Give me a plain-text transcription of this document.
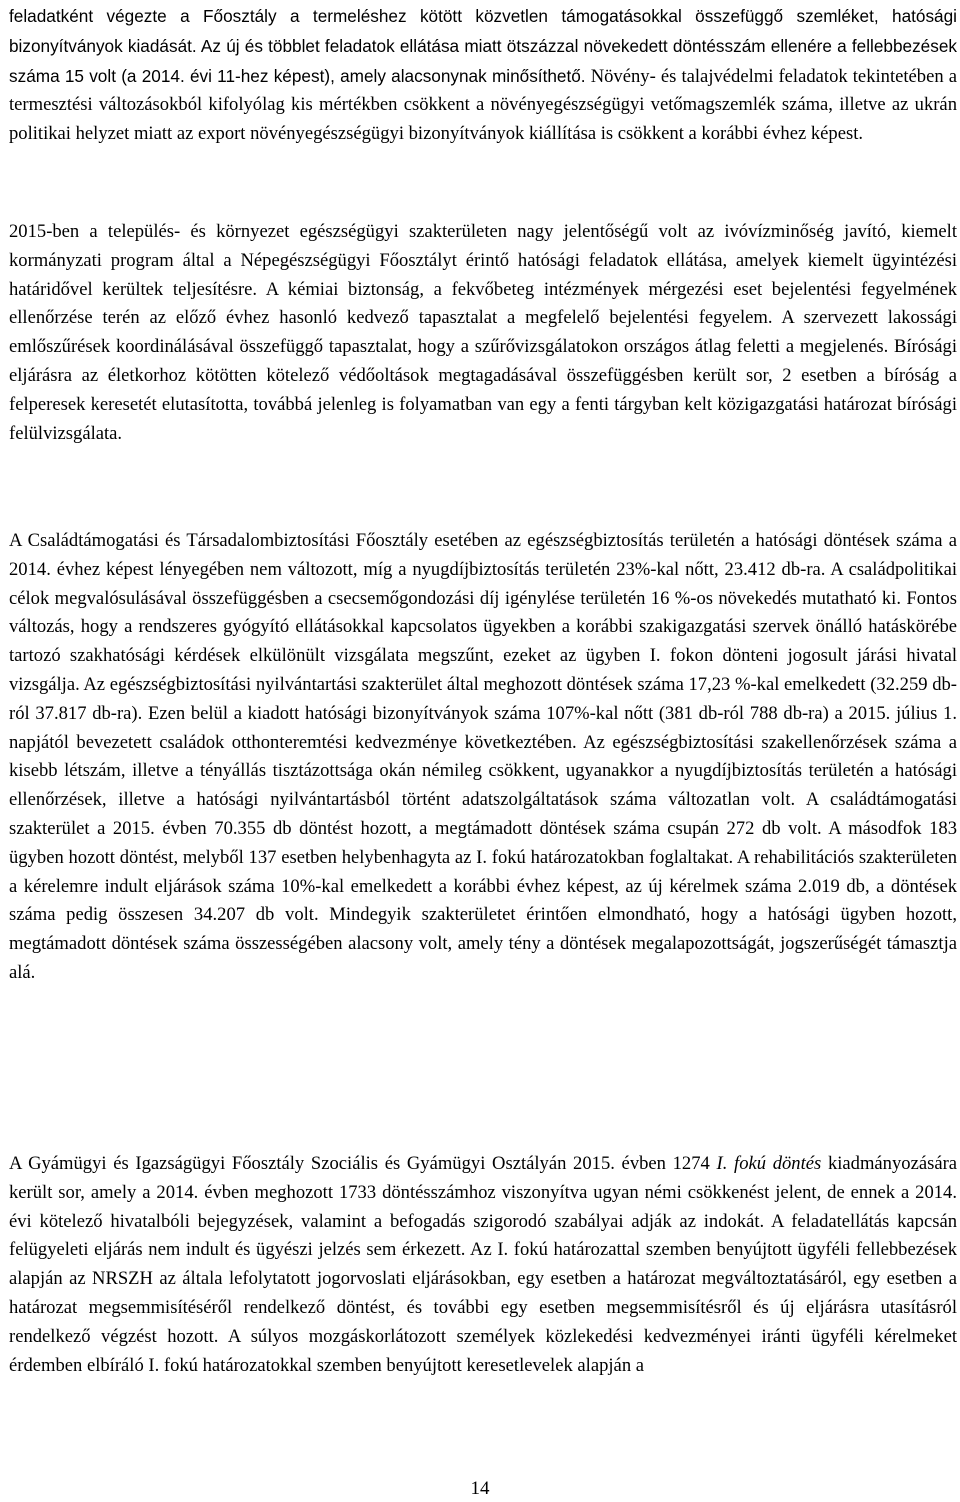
feladatként végezte a Főosztály a termeléshez kötött közvetlen támogatásokkal összefüggő szemléket, hatósági bizonyítványok kiadását. Az új és többlet feladatok ellátása miatt ötszázzal növekedett döntésszám ellenére a fellebbezések száma 15 volt (a 2014. évi 11-hez képest), amely alacsonynak minősíthető. Növény- és talajvédelmi feladatok tekintetében a termesztési változásokból kifolyólag kis mértékben csökkent a növényegészségügyi vetőmagszemlék száma, illetve az ukrán politikai helyzet miatt az export növényegészségügyi bizonyítványok kiállítása is csökkent a korábbi évhez képest.

2015-ben a település- és környezet egészségügyi szakterületen nagy jelentőségű volt az ivóvízminőség javító, kiemelt kormányzati program által a Népegészségügyi Főosztályt érintő hatósági feladatok ellátása, amelyek kiemelt ügyintézési határidővel kerültek teljesítésre. A kémiai biztonság, a fekvőbeteg intézmények mérgezési eset bejelentési fegyelmének ellenőrzése terén az előző évhez hasonló kedvező tapasztalat a megfelelő bejelentési fegyelem. A szervezett lakossági emlőszűrések koordinálásával összefüggő tapasztalat, hogy a szűrővizsgálatokon országos átlag feletti a megjelenés. Bírósági eljárásra az életkorhoz kötötten kötelező védőoltások megtagadásával összefüggésben került sor, 2 esetben a bíróság a felperesek keresetét elutasította, továbbá jelenleg is folyamatban van egy a fenti tárgyban kelt közigazgatási határozat bírósági felülvizsgálata.

A Családtámogatási és Társadalombiztosítási Főosztály esetében az egészségbiztosítás területén a hatósági döntések száma a 2014. évhez képest lényegében nem változott, míg a nyugdíjbiztosítás területén 23%-kal nőtt, 23.412 db-ra. A családpolitikai célok megvalósulásával összefüggésben a csecsemőgondozási díj igénylése területén 16 %-os növekedés mutatható ki. Fontos változás, hogy a rendszeres gyógyító ellátásokkal kapcsolatos ügyekben a korábbi szakigazgatási szervek önálló hatáskörébe tartozó szakhatósági kérdések elkülönült vizsgálata megszűnt, ezeket az ügyben I. fokon dönteni jogosult járási hivatal vizsgálja. Az egészségbiztosítási nyilvántartási szakterület által meghozott döntések száma 17,23 %-kal emelkedett (32.259 db-ról 37.817 db-ra). Ezen belül a kiadott hatósági bizonyítványok száma 107%-kal nőtt (381 db-ról 788 db-ra) a 2015. július 1. napjától bevezetett családok otthonteremtési kedvezménye következtében. Az egészségbiztosítási szakellenőrzések száma a kisebb létszám, illetve a tényállás tisztázottsága okán némileg csökkent, ugyanakkor a nyugdíjbiztosítás területén a hatósági ellenőrzések, illetve a hatósági nyilvántartásból történt adatszolgáltatások száma változatlan volt. A családtámogatási szakterület a 2015. évben 70.355 db döntést hozott, a megtámadott döntések száma csupán 272 db volt. A másodfok 183 ügyben hozott döntést, melyből 137 esetben helybenhagyta az I. fokú határozatokban foglaltakat. A rehabilitációs szakterületen a kérelemre indult eljárások száma 10%-kal emelkedett a korábbi évhez képest, az új kérelmek száma 2.019 db, a döntések száma pedig összesen 34.207 db volt. Mindegyik szakterületet érintően elmondható, hogy a hatósági ügyben hozott, megtámadott döntések száma összességében alacsony volt, amely tény a döntések megalapozottságát, jogszerűségét támasztja alá.

A Gyámügyi és Igazságügyi Főosztály Szociális és Gyámügyi Osztályán 2015. évben 1274 I. fokú döntés kiadmányozására került sor, amely a 2014. évben meghozott 1733 döntésszámhoz viszonyítva ugyan némi csökkenést jelent, de ennek a 2014. évi kötelező hivatalbóli bejegyzések, valamint a befogadás szigorodó szabályai adják az indokát. A feladatellátás kapcsán felügyeleti eljárás nem indult és ügyészi jelzés sem érkezett. Az I. fokú határozattal szemben benyújtott ügyféli fellebbezések alapján az NRSZH az általa lefolytatott jogorvoslati eljárásokban, egy esetben a határozat megváltoztatásáról, egy esetben a határozat megsemmisítéséről rendelkező döntést, és további egy esetben megsemmisítésről és új eljárásra utasításról rendelkező végzést hozott. A súlyos mozgáskorlátozott személyek közlekedési kedvezményei iránti ügyféli kérelmeket érdemben elbíráló I. fokú határozatokkal szemben benyújtott keresetlevelek alapján a

14
